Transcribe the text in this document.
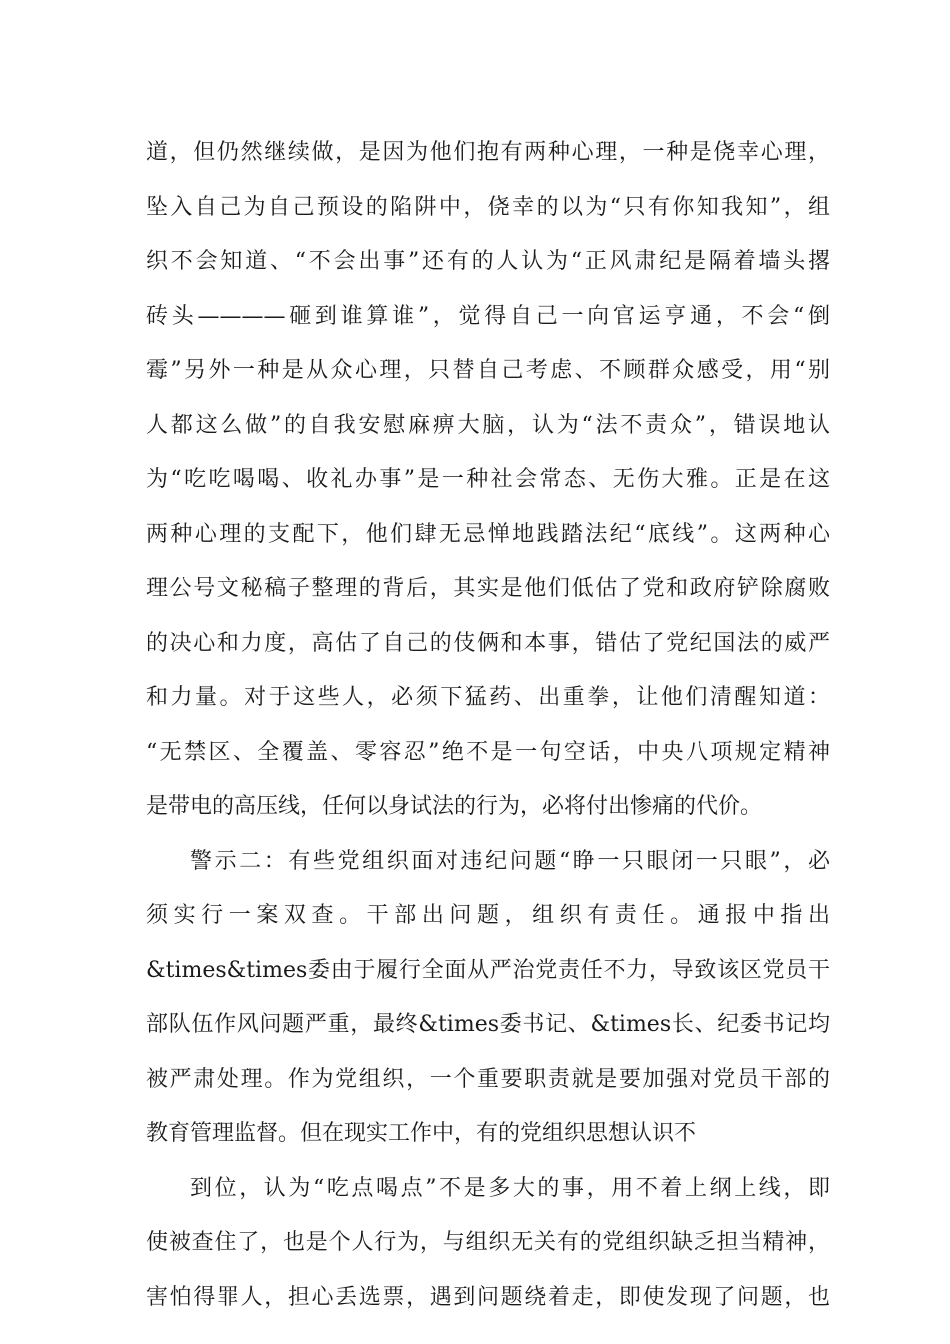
道，但仍然继续做，是因为他们抱有两种心理，一种是侥幸心理，
坠入自己为自己预设的陷阱中，侥幸的以为“只有你知我知”，组
织不会知道、“不会出事”还有的人认为“正风肃纪是隔着墙头撂
砖头————砸到谁算谁”，觉得自己一向官运亨通，不会“倒
霉”另外一种是从众心理，只替自己考虑、不顾群众感受，用“别
人都这么做”的自我安慰麻痹大脑，认为“法不责众”，错误地认
为“吃吃喝喝、收礼办事”是一种社会常态、无伤大雅。正是在这
两种心理的支配下，他们肆无忌惮地践踏法纪“底线”。这两种心
理公号文秘稿子整理的背后，其实是他们低估了党和政府铲除腐败
的决心和力度，高估了自己的伎俩和本事，错估了党纪国法的威严
和力量。对于这些人，必须下猛药、出重拳，让他们清醒知道：
“无禁区、全覆盖、零容忍”绝不是一句空话，中央八项规定精神
是带电的高压线，任何以身试法的行为，必将付出惨痛的代价。
警示二：有些党组织面对违纪问题“睁一只眼闭一只眼”，必
须实行一案双查。干部出问题，组织有责任。通报中指出
&times&times委由于履行全面从严治党责任不力，导致该区党员干
部队伍作风问题严重，最终&times委书记、&times长、纪委书记均
被严肃处理。作为党组织，一个重要职责就是要加强对党员干部的
教育管理监督。但在现实工作中，有的党组织思想认识不
到位，认为“吃点喝点”不是多大的事，用不着上纲上线，即
使被查住了，也是个人行为，与组织无关有的党组织缺乏担当精神，
害怕得罪人，担心丢选票，遇到问题绕着走，即使发现了问题，也
